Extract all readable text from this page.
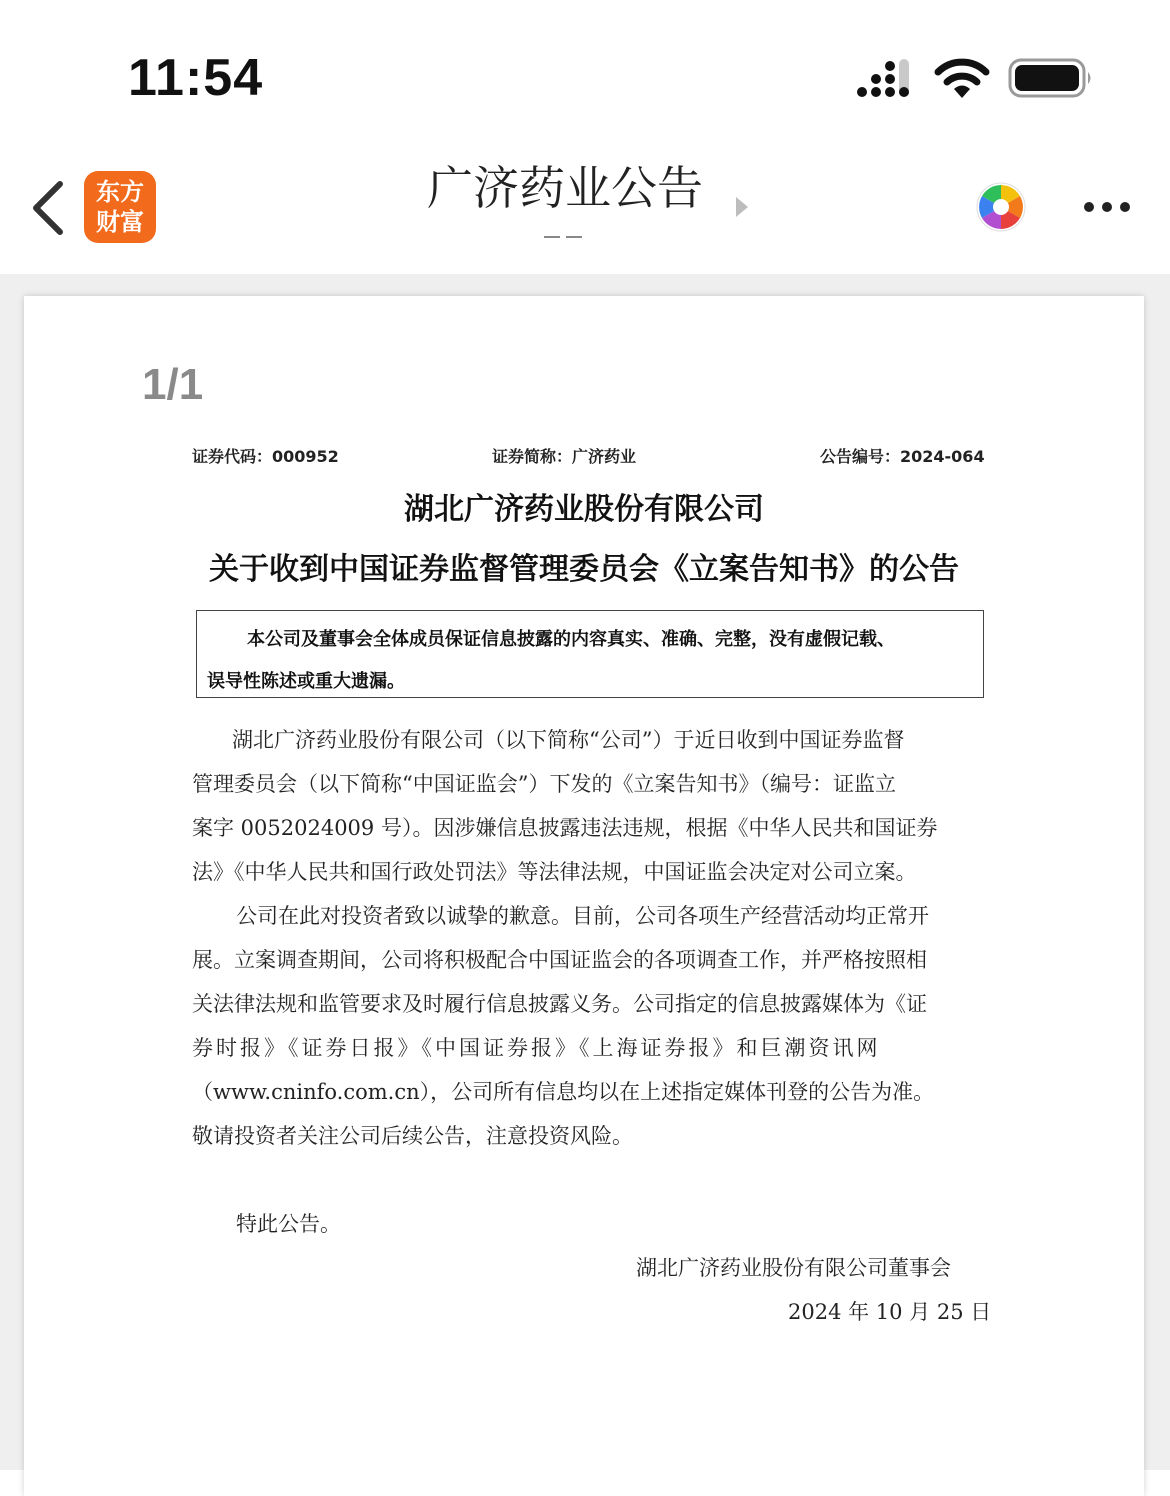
11:54
东方
财富
广济药业公告
1/1
证券代码：000952	证券简称：广济药业	公告编号：2024-064
湖北广济药业股份有限公司
关于收到中国证券监督管理委员会《立案告知书》的公告
本公司及董事会全体成员保证信息披露的内容真实、准确、完整，没有虚假记载、
误导性陈述或重大遗漏。
湖北广济药业股份有限公司（以下简称“公司”）于近日收到中国证券监督
管理委员会（以下简称“中国证监会”）下发的《立案告知书》（编号：证监立
案字 0052024009 号）。因涉嫌信息披露违法违规，根据《中华人民共和国证券
法》《中华人民共和国行政处罚法》等法律法规，中国证监会决定对公司立案。
公司在此对投资者致以诚挚的歉意。目前，公司各项生产经营活动均正常开
展。立案调查期间，公司将积极配合中国证监会的各项调查工作，并严格按照相
关法律法规和监管要求及时履行信息披露义务。公司指定的信息披露媒体为《证
券时报》《证券日报》《中国证券报》《上海证券报》和巨潮资讯网
（www.cninfo.com.cn），公司所有信息均以在上述指定媒体刊登的公告为准。
敬请投资者关注公司后续公告，注意投资风险。
特此公告。
湖北广济药业股份有限公司董事会
2024 年 10 月 25 日
